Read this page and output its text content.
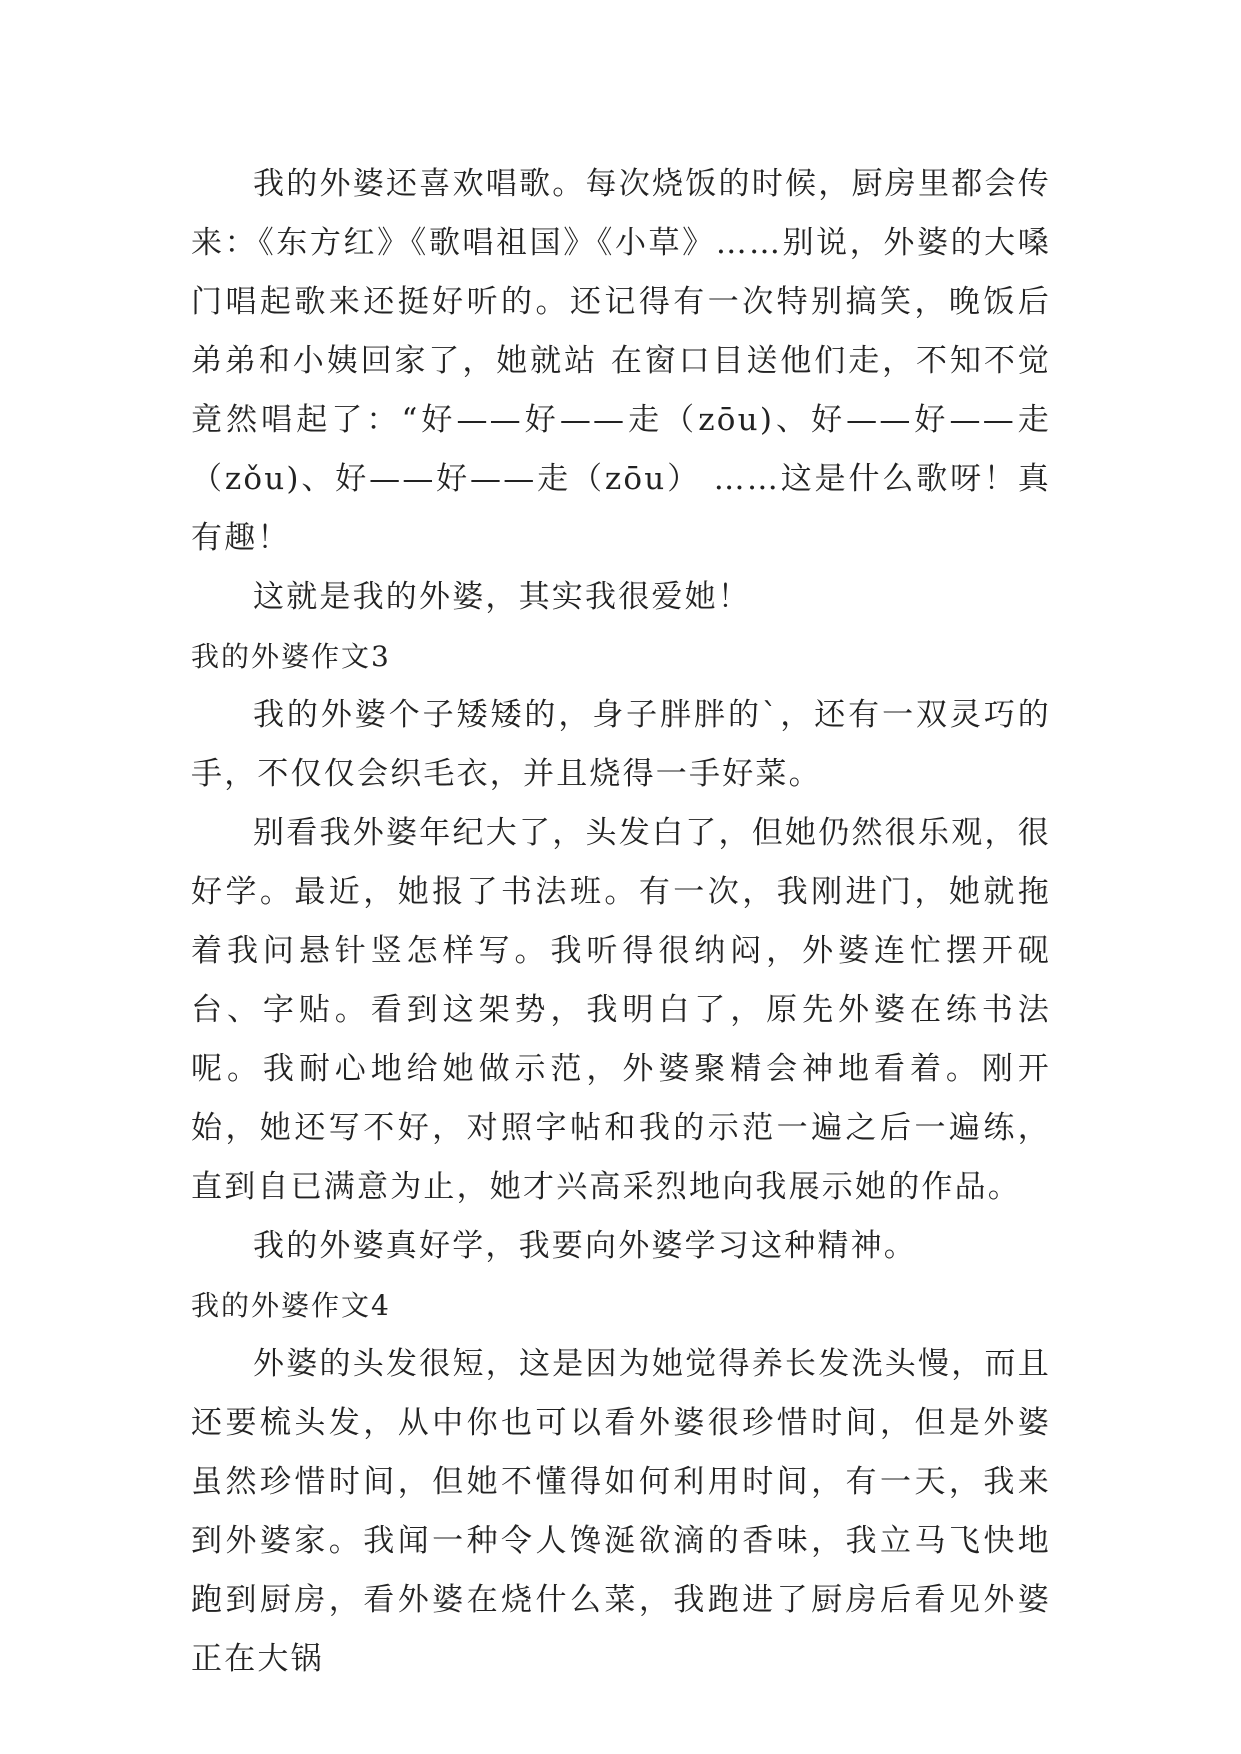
我的外婆还喜欢唱歌。每次烧饭的时候，厨房里都会传来：《东方红》《歌唱祖国》《小草》……别说，外婆的大嗓门唱起歌来还挺好听的。还记得有一次特别搞笑，晚饭后弟弟和小姨回家了，她就站 在窗口目送他们走，不知不觉竟然唱起了：“好——好——走（zōu)、好——好——走（zǒu)、好——好——走（zōu） ……这是什么歌呀！真有趣！

这就是我的外婆，其实我很爱她！

我的外婆作文3

我的外婆个子矮矮的，身子胖胖的`，还有一双灵巧的手，不仅仅会织毛衣，并且烧得一手好菜。

别看我外婆年纪大了，头发白了，但她仍然很乐观，很好学。最近，她报了书法班。有一次，我刚进门，她就拖着我问悬针竖怎样写。我听得很纳闷，外婆连忙摆开砚台、字贴。看到这架势，我明白了，原先外婆在练书法呢。我耐心地给她做示范，外婆聚精会神地看着。刚开始，她还写不好，对照字帖和我的示范一遍之后一遍练，直到自已满意为止，她才兴高采烈地向我展示她的作品。

我的外婆真好学，我要向外婆学习这种精神。

我的外婆作文4

外婆的头发很短，这是因为她觉得养长发洗头慢，而且还要梳头发，从中你也可以看外婆很珍惜时间，但是外婆虽然珍惜时间，但她不懂得如何利用时间，有一天，我来到外婆家。我闻一种令人馋涎欲滴的香味，我立马飞快地跑到厨房，看外婆在烧什么菜，我跑进了厨房后看见外婆正在大锅
